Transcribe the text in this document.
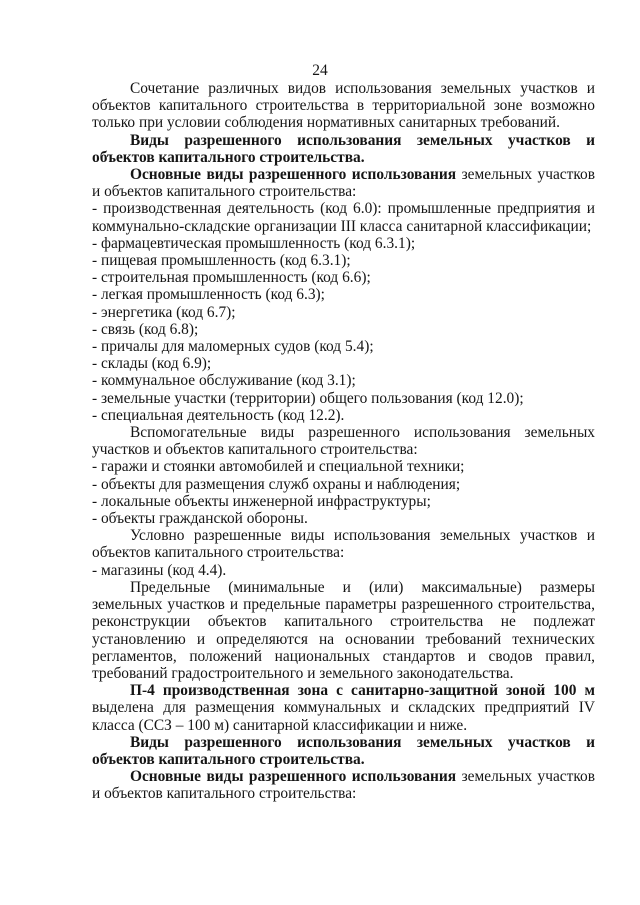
24

Сочетание различных видов использования земельных участков и объектов капитального строительства в территориальной зоне возможно только при условии соблюдения нормативных санитарных требований.

Виды разрешенного использования земельных участков и объектов капитального строительства.

Основные виды разрешенного использования земельных участков и объектов капитального строительства:

- производственная деятельность (код 6.0): промышленные предприятия и коммунально-складские организации III класса санитарной классификации;

- фармацевтическая промышленность (код 6.3.1);

- пищевая промышленность (код 6.3.1);

- строительная промышленность (код 6.6);

- легкая промышленность (код 6.3);

- энергетика (код 6.7);

- связь (код 6.8);

- причалы для маломерных судов (код 5.4);

- склады (код 6.9);

- коммунальное обслуживание (код 3.1);

- земельные участки (территории) общего пользования (код 12.0);

- специальная деятельность (код 12.2).

Вспомогательные виды разрешенного использования земельных участков и объектов капитального строительства:

- гаражи и стоянки автомобилей и специальной техники;

- объекты для размещения служб охраны и наблюдения;

- локальные объекты инженерной инфраструктуры;

- объекты гражданской обороны.

Условно разрешенные виды использования земельных участков и объектов капитального строительства:

- магазины (код 4.4).

Предельные (минимальные и (или) максимальные) размеры земельных участков и предельные параметры разрешенного строительства, реконструкции объектов капитального строительства не подлежат установлению и определяются на основании требований технических регламентов, положений национальных стандартов и сводов правил, требований градостроительного и земельного законодательства.

П-4 производственная зона с санитарно-защитной зоной 100 м выделена для размещения коммунальных и складских предприятий IV класса (ССЗ – 100 м) санитарной классификации и ниже.

Виды разрешенного использования земельных участков и объектов капитального строительства.

Основные виды разрешенного использования земельных участков и объектов капитального строительства:
